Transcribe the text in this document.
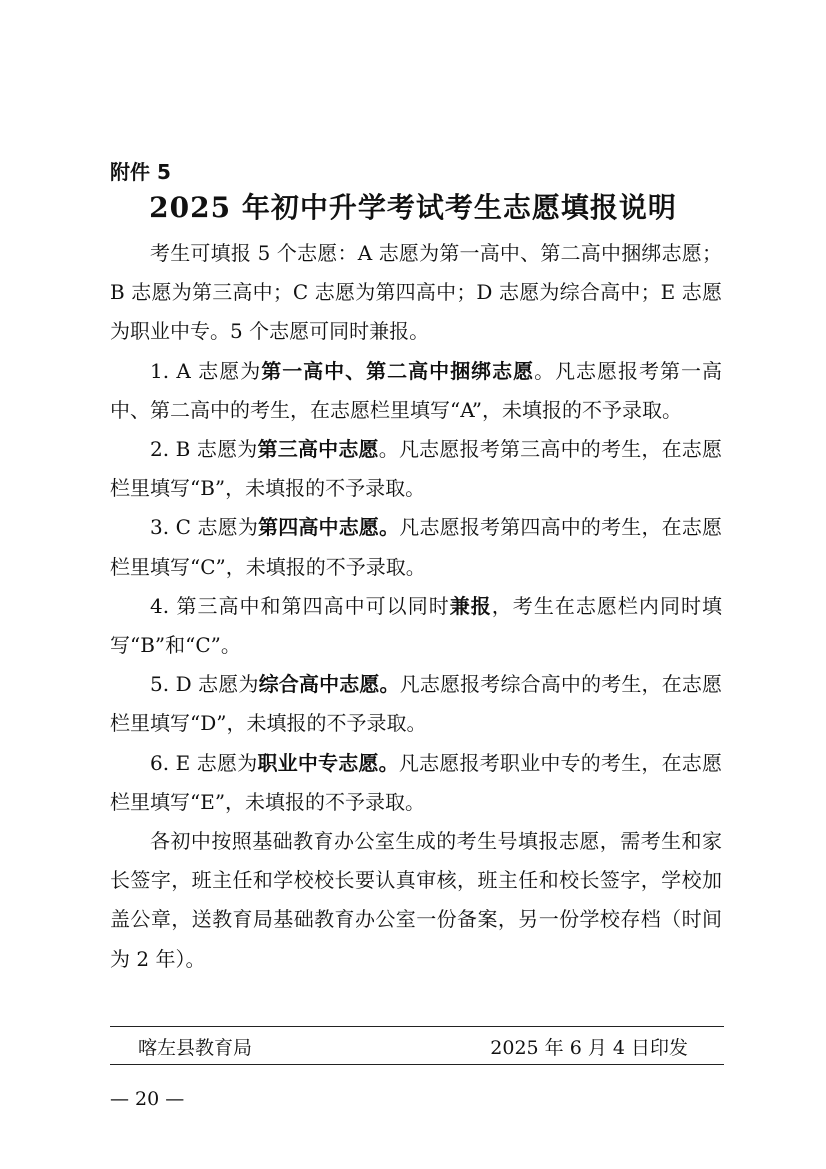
附件 5
2025 年初中升学考试考生志愿填报说明

考生可填报 5 个志愿：A 志愿为第一高中、第二高中捆绑志愿；B 志愿为第三高中；C 志愿为第四高中；D 志愿为综合高中；E 志愿为职业中专。5 个志愿可同时兼报。

1. A 志愿为第一高中、第二高中捆绑志愿。凡志愿报考第一高中、第二高中的考生，在志愿栏里填写“A”，未填报的不予录取。

2. B 志愿为第三高中志愿。凡志愿报考第三高中的考生，在志愿栏里填写“B”，未填报的不予录取。

3. C 志愿为第四高中志愿。凡志愿报考第四高中的考生，在志愿栏里填写“C”，未填报的不予录取。

4. 第三高中和第四高中可以同时兼报，考生在志愿栏内同时填写“B”和“C”。

5. D 志愿为综合高中志愿。凡志愿报考综合高中的考生，在志愿栏里填写“D”，未填报的不予录取。

6. E 志愿为职业中专志愿。凡志愿报考职业中专的考生，在志愿栏里填写“E”，未填报的不予录取。

各初中按照基础教育办公室生成的考生号填报志愿，需考生和家长签字，班主任和学校校长要认真审核，班主任和校长签字，学校加盖公章，送教育局基础教育办公室一份备案，另一份学校存档（时间为 2 年）。

喀左县教育局	2025 年 6 月 4 日印发
— 20 —
